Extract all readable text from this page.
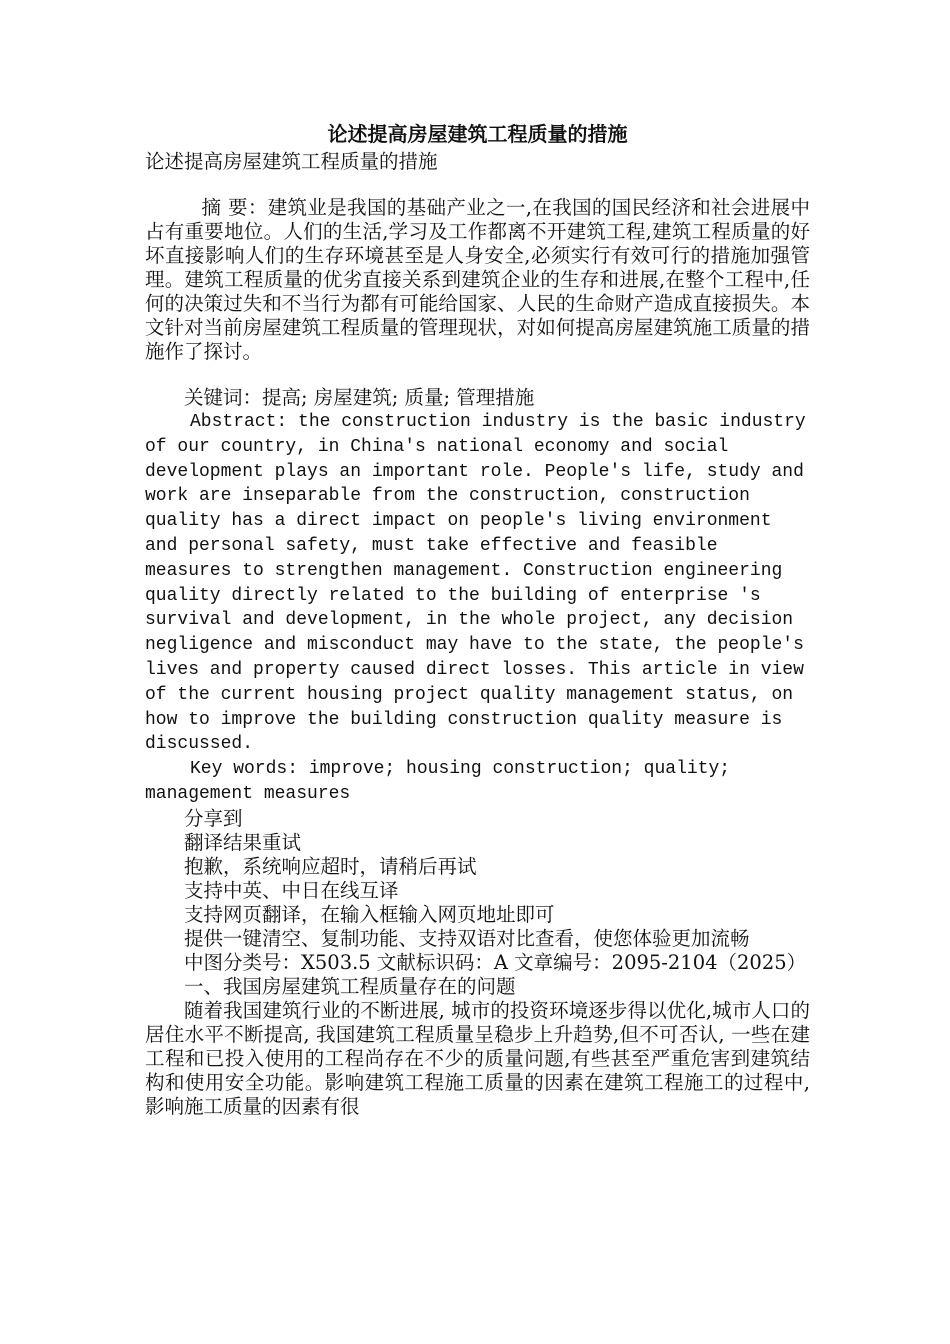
论述提高房屋建筑工程质量的措施

论述提高房屋建筑工程质量的措施

摘 要：建筑业是我国的基础产业之一,在我国的国民经济和社会进展中占有重要地位。人们的生活,学习及工作都离不开建筑工程,建筑工程质量的好坏直接影响人们的生存环境甚至是人身安全,必须实行有效可行的措施加强管理。建筑工程质量的优劣直接关系到建筑企业的生存和进展,在整个工程中,任何的决策过失和不当行为都有可能给国家、人民的生命财产造成直接损失。本文针对当前房屋建筑工程质量的管理现状，对如何提高房屋建筑施工质量的措施作了探讨。

关键词：提高; 房屋建筑; 质量; 管理措施

Abstract: the construction industry is the basic industry of our country, in China's national economy and social development plays an important role. People's life, study and work are inseparable from the construction, construction quality has a direct impact on people's living environment and personal safety, must take effective and feasible measures to strengthen management. Construction engineering quality directly related to the building of enterprise 's survival and development, in the whole project, any decision negligence and misconduct may have to the state, the people's lives and property caused direct losses. This article in view of the current housing project quality management status, on how to improve the building construction quality measure is discussed.

Key words: improve; housing construction; quality; management measures

分享到

翻译结果重试

抱歉，系统响应超时，请稍后再试

支持中英、中日在线互译

支持网页翻译，在输入框输入网页地址即可

提供一键清空、复制功能、支持双语对比查看，使您体验更加流畅

中图分类号：X503.5 文献标识码：A 文章编号：2095-2104（2025）

一、我国房屋建筑工程质量存在的问题

随着我国建筑行业的不断进展, 城市的投资环境逐步得以优化,城市人口的居住水平不断提高, 我国建筑工程质量呈稳步上升趋势,但不可否认, 一些在建工程和已投入使用的工程尚存在不少的质量问题,有些甚至严重危害到建筑结构和使用安全功能。影响建筑工程施工质量的因素在建筑工程施工的过程中,影响施工质量的因素有很
